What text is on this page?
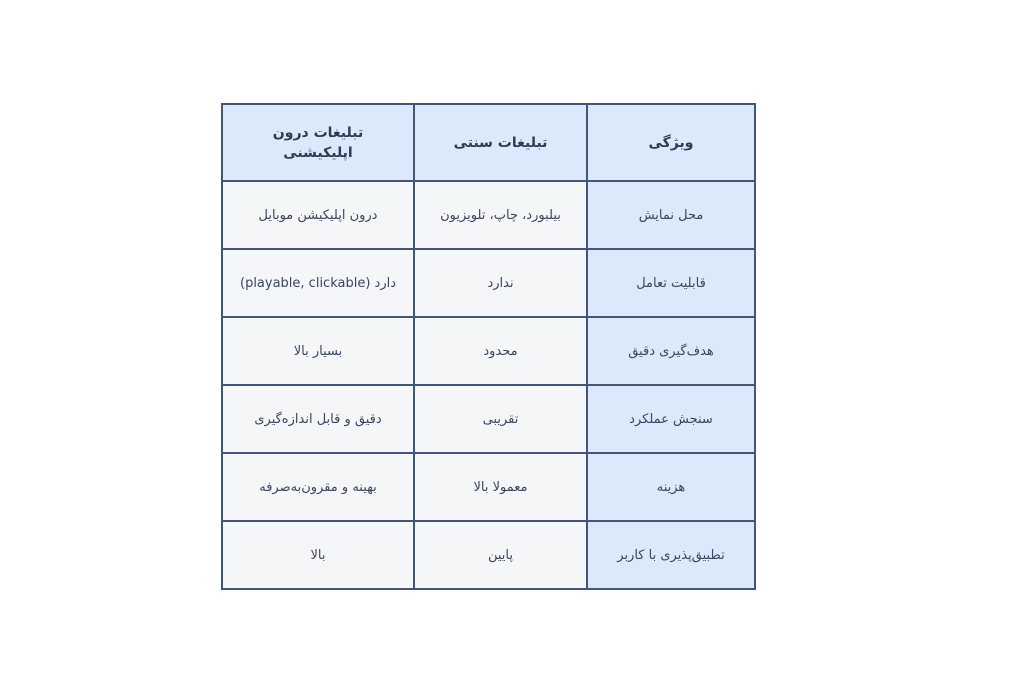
ویژگی	تبلیغات سنتی	تبلیغات درون اپلیکیشنی
محل نمایش	بیلبورد، چاپ، تلویزیون	درون اپلیکیشن موبایل
قابلیت تعامل	ندارد	دارد (playable, clickable)
هدف‌گیری دقیق	محدود	بسیار بالا
سنجش عملکرد	تقریبی	دقیق و قابل اندازه‌گیری
هزینه	معمولا بالا	بهینه و مقرون‌به‌صرفه
تطبیق‌پذیری با کاربر	پایین	بالا
